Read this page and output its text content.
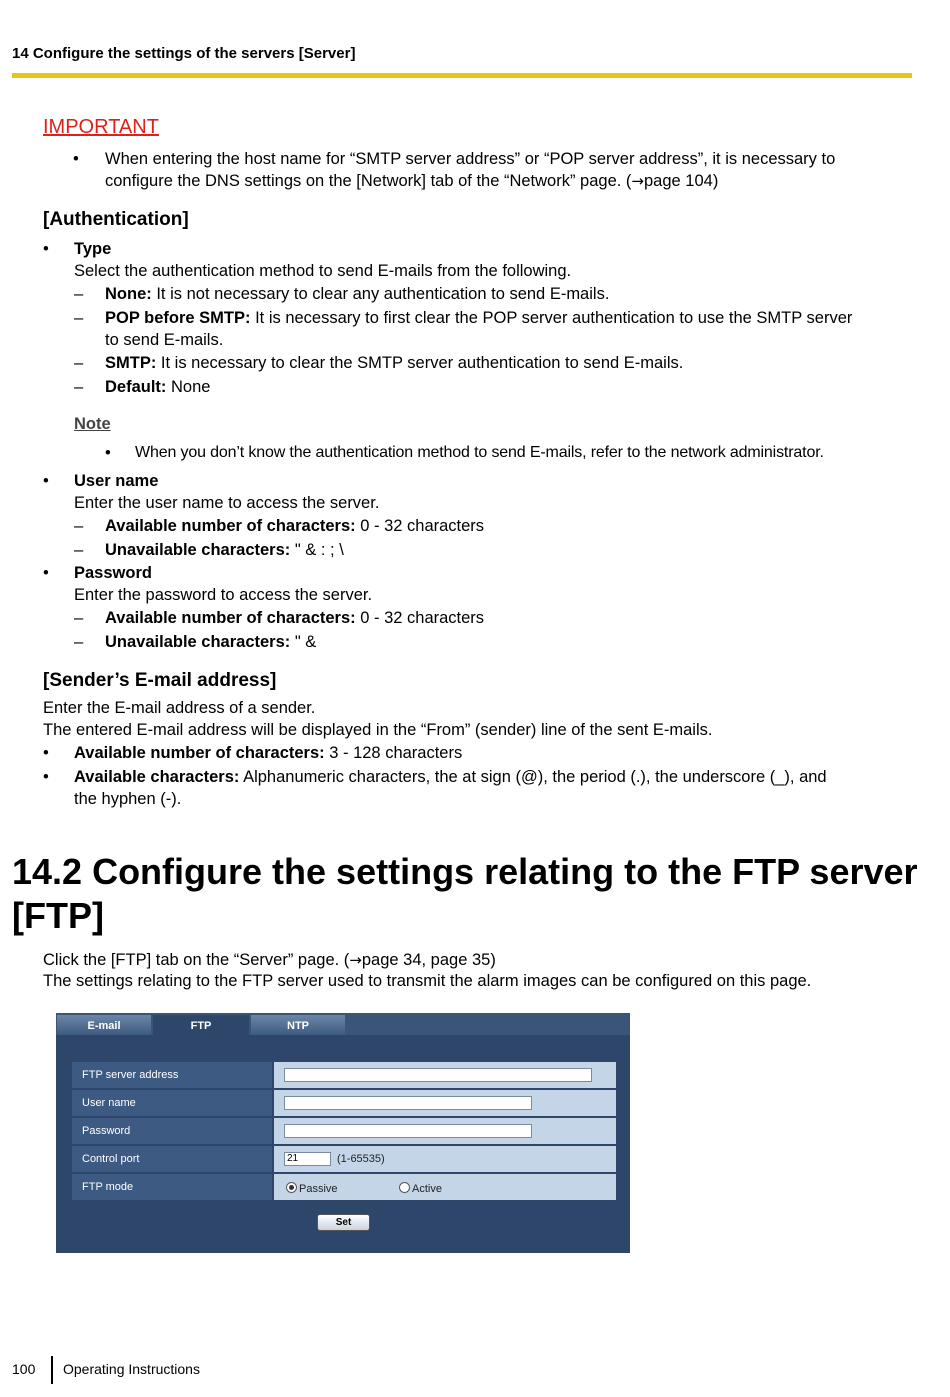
14 Configure the settings of the servers [Server]
IMPORTANT
• When entering the host name for “SMTP server address” or “POP server address”, it is necessary to
configure the DNS settings on the [Network] tab of the “Network” page. (→page 104)
[Authentication]
• Type
Select the authentication method to send E-mails from the following.
– None: It is not necessary to clear any authentication to send E-mails.
– POP before SMTP: It is necessary to first clear the POP server authentication to use the SMTP server
to send E-mails.
– SMTP: It is necessary to clear the SMTP server authentication to send E-mails.
– Default: None
Note
• When you don’t know the authentication method to send E-mails, refer to the network administrator.
• User name
Enter the user name to access the server.
– Available number of characters: 0 - 32 characters
– Unavailable characters: " & : ; \
• Password
Enter the password to access the server.
– Available number of characters: 0 - 32 characters
– Unavailable characters: " &
[Sender’s E-mail address]
Enter the E-mail address of a sender.
The entered E-mail address will be displayed in the “From” (sender) line of the sent E-mails.
• Available number of characters: 3 - 128 characters
• Available characters: Alphanumeric characters, the at sign (@), the period (.), the underscore (_), and
the hyphen (-).
14.2 Configure the settings relating to the FTP server
[FTP]
Click the [FTP] tab on the “Server” page. (→page 34, page 35)
The settings relating to the FTP server used to transmit the alarm images can be configured on this page.
E-mail	FTP	NTP
FTP server address
User name
Password
Control port	21	(1-65535)
FTP mode	Passive	Active
Set
100 Operating Instructions
